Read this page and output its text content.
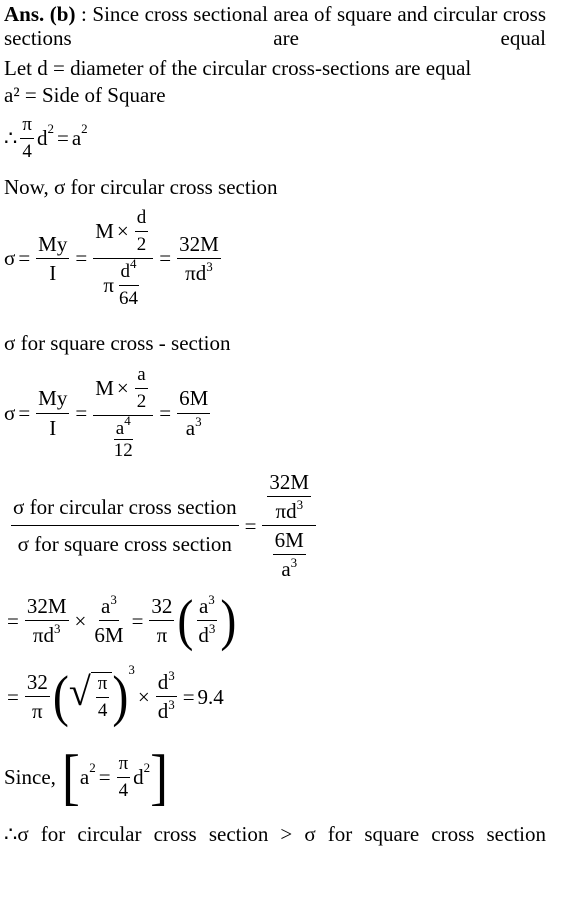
Ans. (b) : Since cross sectional area of square and circular cross sections are equal

Let d = diameter of the circular cross-sections are equal

a² = Side of Square

∴ $\frac{\pi}{4}$ d 2 = a 2

Now, σ for circular cross section

$\sigma = \frac{My}{I} = \frac{M \times \frac{d}{2}}{\pi \frac{d^4}{64}} = \frac{32M}{\pi d^3}$

σ for square cross - section

$\sigma = \frac{My}{I} = M \times \frac{a}{2}$
$a^4$
$12 = \frac{6M}{a^3}$
$\frac{\text{σ for circular cross section}}{\text{σ for square cross section}} = \frac{\frac{32M}{\pi d^3}}{\frac{6M}{a^3}}$
= $\frac{32M}{\pi d^3} \times \frac{a^3}{6M} = \frac{32}{\pi}$ ( $\frac{a^3}{d^3}$ )
= $\frac{32}{\pi}$ ( √ $\frac{\pi}{4}$ ) 3
× $\frac{d^3}{d^3} = 9.4$
Since, [ a $2 = \frac{\pi}{4}$ d 2 ]

∴σ for circular cross section > σ for square cross section
